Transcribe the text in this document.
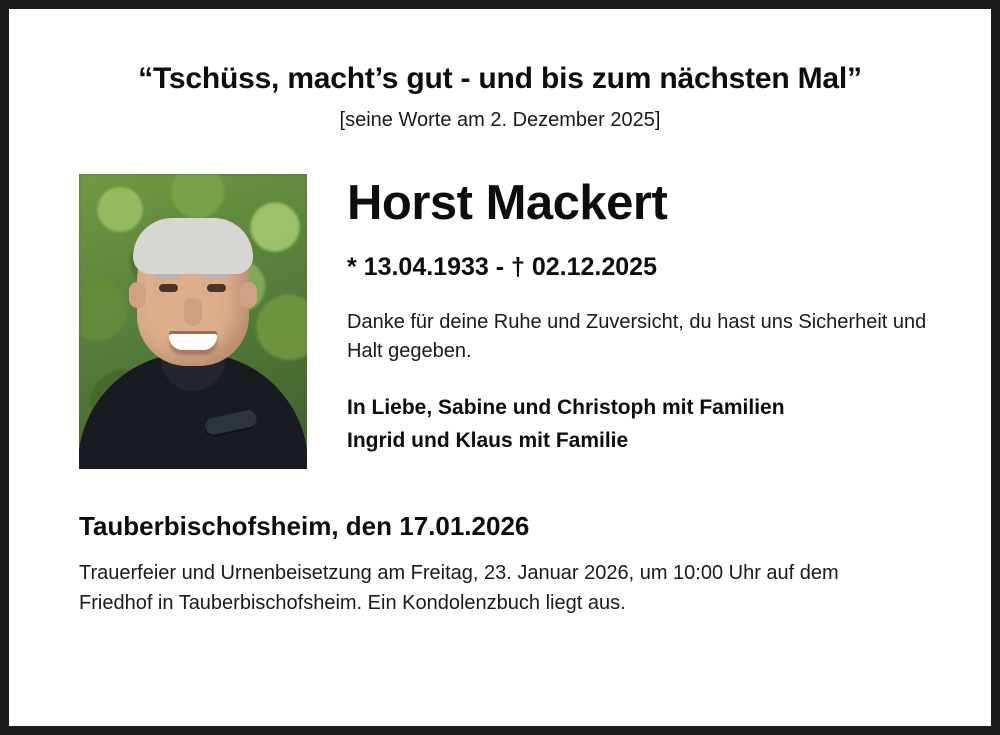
“Tschüss, macht’s gut - und bis zum nächsten Mal”
[seine Worte am 2. Dezember 2025]
Horst Mackert
* 13.04.1933 - † 02.12.2025
Danke für deine Ruhe und Zuversicht, du hast uns Sicherheit und Halt gegeben.
In Liebe, Sabine und Christoph mit Familien
Ingrid und Klaus mit Familie
Tauberbischofsheim, den 17.01.2026
Trauerfeier und Urnenbeisetzung am Freitag, 23. Januar 2026, um 10:00 Uhr auf dem Friedhof in Tauberbischofsheim. Ein Kondolenzbuch liegt aus.
